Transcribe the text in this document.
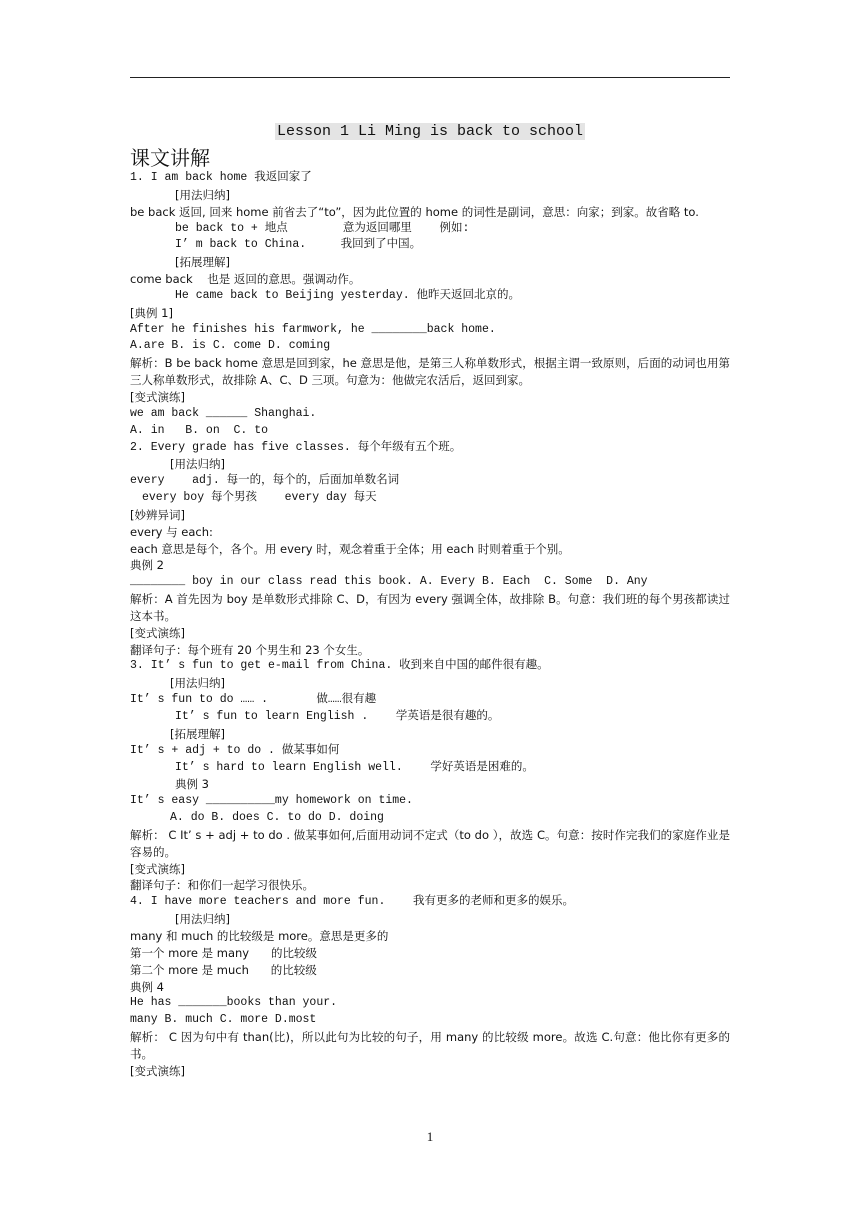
Lesson 1 Li Ming is back to school
课文讲解
1. I am back home 我返回家了
[用法归纳]
be back 返回, 回来 home 前省去了“to”，因为此位置的 home 的词性是副词，意思：向家；到家。故省略 to.
be back to + 地点        意为返回哪里    例如:
I’ m back to China.     我回到了中国。
[拓展理解]
come back    也是 返回的意思。强调动作。
He came back to Beijing yesterday. 他昨天返回北京的。
[典例 1]
After he finishes his farmwork, he ________back home.
A.are B. is C. come D. coming
解析：B be back home 意思是回到家，he 意思是他，是第三人称单数形式，根据主谓一致原则，后面的动词也用第三人称单数形式，故排除 A、C、D 三项。句意为：他做完农活后，返回到家。
[变式演练]
we am back ______ Shanghai.
A. in   B. on  C. to
2. Every grade has five classes. 每个年级有五个班。
[用法归纳]
every    adj. 每一的，每个的，后面加单数名词
every boy 每个男孩    every day 每天
[妙辨异词]
every 与 each:
each 意思是每个，各个。用 every 时，观念着重于全体；用 each 时则着重于个别。
典例 2
________ boy in our class read this book. A. Every B. Each  C. Some  D. Any
解析：A 首先因为 boy 是单数形式排除 C、D，有因为 every 强调全体，故排除 B。句意：我们班的每个男孩都读过这本书。
[变式演练]
翻译句子：每个班有 20 个男生和 23 个女生。
3. It’ s fun to get e-mail from China. 收到来自中国的邮件很有趣。
[用法归纳]
It’ s fun to do …… .       做……很有趣
It’ s fun to learn English .    学英语是很有趣的。
[拓展理解]
It’ s + adj + to do . 做某事如何
It’ s hard to learn English well.    学好英语是困难的。
典例 3
It’ s easy __________my homework on time.
A. do B. does C. to do D. doing
解析： C It’ s + adj + to do . 做某事如何,后面用动词不定式（to do ），故选 C。句意：按时作完我们的家庭作业是容易的。
[变式演练]
翻译句子：和你们一起学习很快乐。
4. I have more teachers and more fun.    我有更多的老师和更多的娱乐。
[用法归纳]
many 和 much 的比较级是 more。意思是更多的
第一个 more 是 many      的比较级
第二个 more 是 much      的比较级
典例 4
He has _______books than your.
many B. much C. more D.most
解析： C 因为句中有 than(比)，所以此句为比较的句子，用 many 的比较级 more。故选 C.句意：他比你有更多的书。
[变式演练]
1
